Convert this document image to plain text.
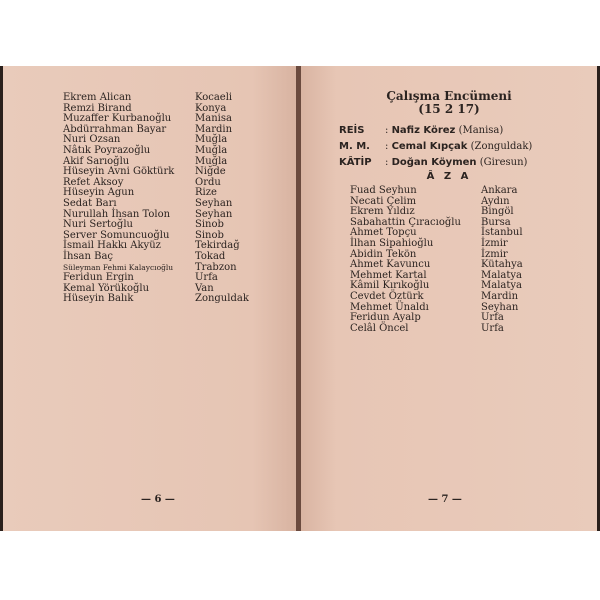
Ekrem Alican	Kocaeli
Remzi Birand	Konya
Muzaffer Kurbanoğlu Manisa
Abdürrahman Bayar	Mardin
Nuri Ozsan	Muğla
Nâtık Poyrazoğlu	Muğla
Akif Sarıoğlu	Muğla
Hüseyin Avni Göktürk Niğde
Refet Aksoy	Ordu
Hüseyin Agun	Rize
Sedat Barı	Seyhan
Nurullah İhsan Tolon Seyhan
Nuri Sertoğlu	Sinob
Server Somuncuoğlu	Sinob
İsmail Hakkı Akyüz	Tekirdağ
İhsan Baç	Tokad
Süleyman Fehmi Kalaycıoğlu Trabzon
Feridun Ergin	Urfa
Kemal Yörükoğlu	Van
Hüseyin Balık	Zonguldak
— 6 —
Çalışma Encümeni
(15 2 17)
REİS : Nafiz Körez (Manisa)
M. M. : Cemal Kıpçak (Zonguldak)
KÂTİP : Doğan Köymen (Giresun)
Â Z A
Fuad Seyhun	Ankara
Necati Çelim	Aydın
Ekrem Yıldız	Bingöl
Sabahattin Çıracıoğlu Bursa
Ahmet Topçu	İstanbul
İlhan Sipahioğlu	İzmir
Abidin Tekön	İzmir
Ahmet Kavuncu	Kütahya
Mehmet Kartal	Malatya
Kâmil Kırıkoğlu	Malatya
Cevdet Öztürk	Mardin
Mehmet Ünaldı	Seyhan
Feridun Ayalp	Urfa
Celâl Öncel	Urfa
— 7 —
